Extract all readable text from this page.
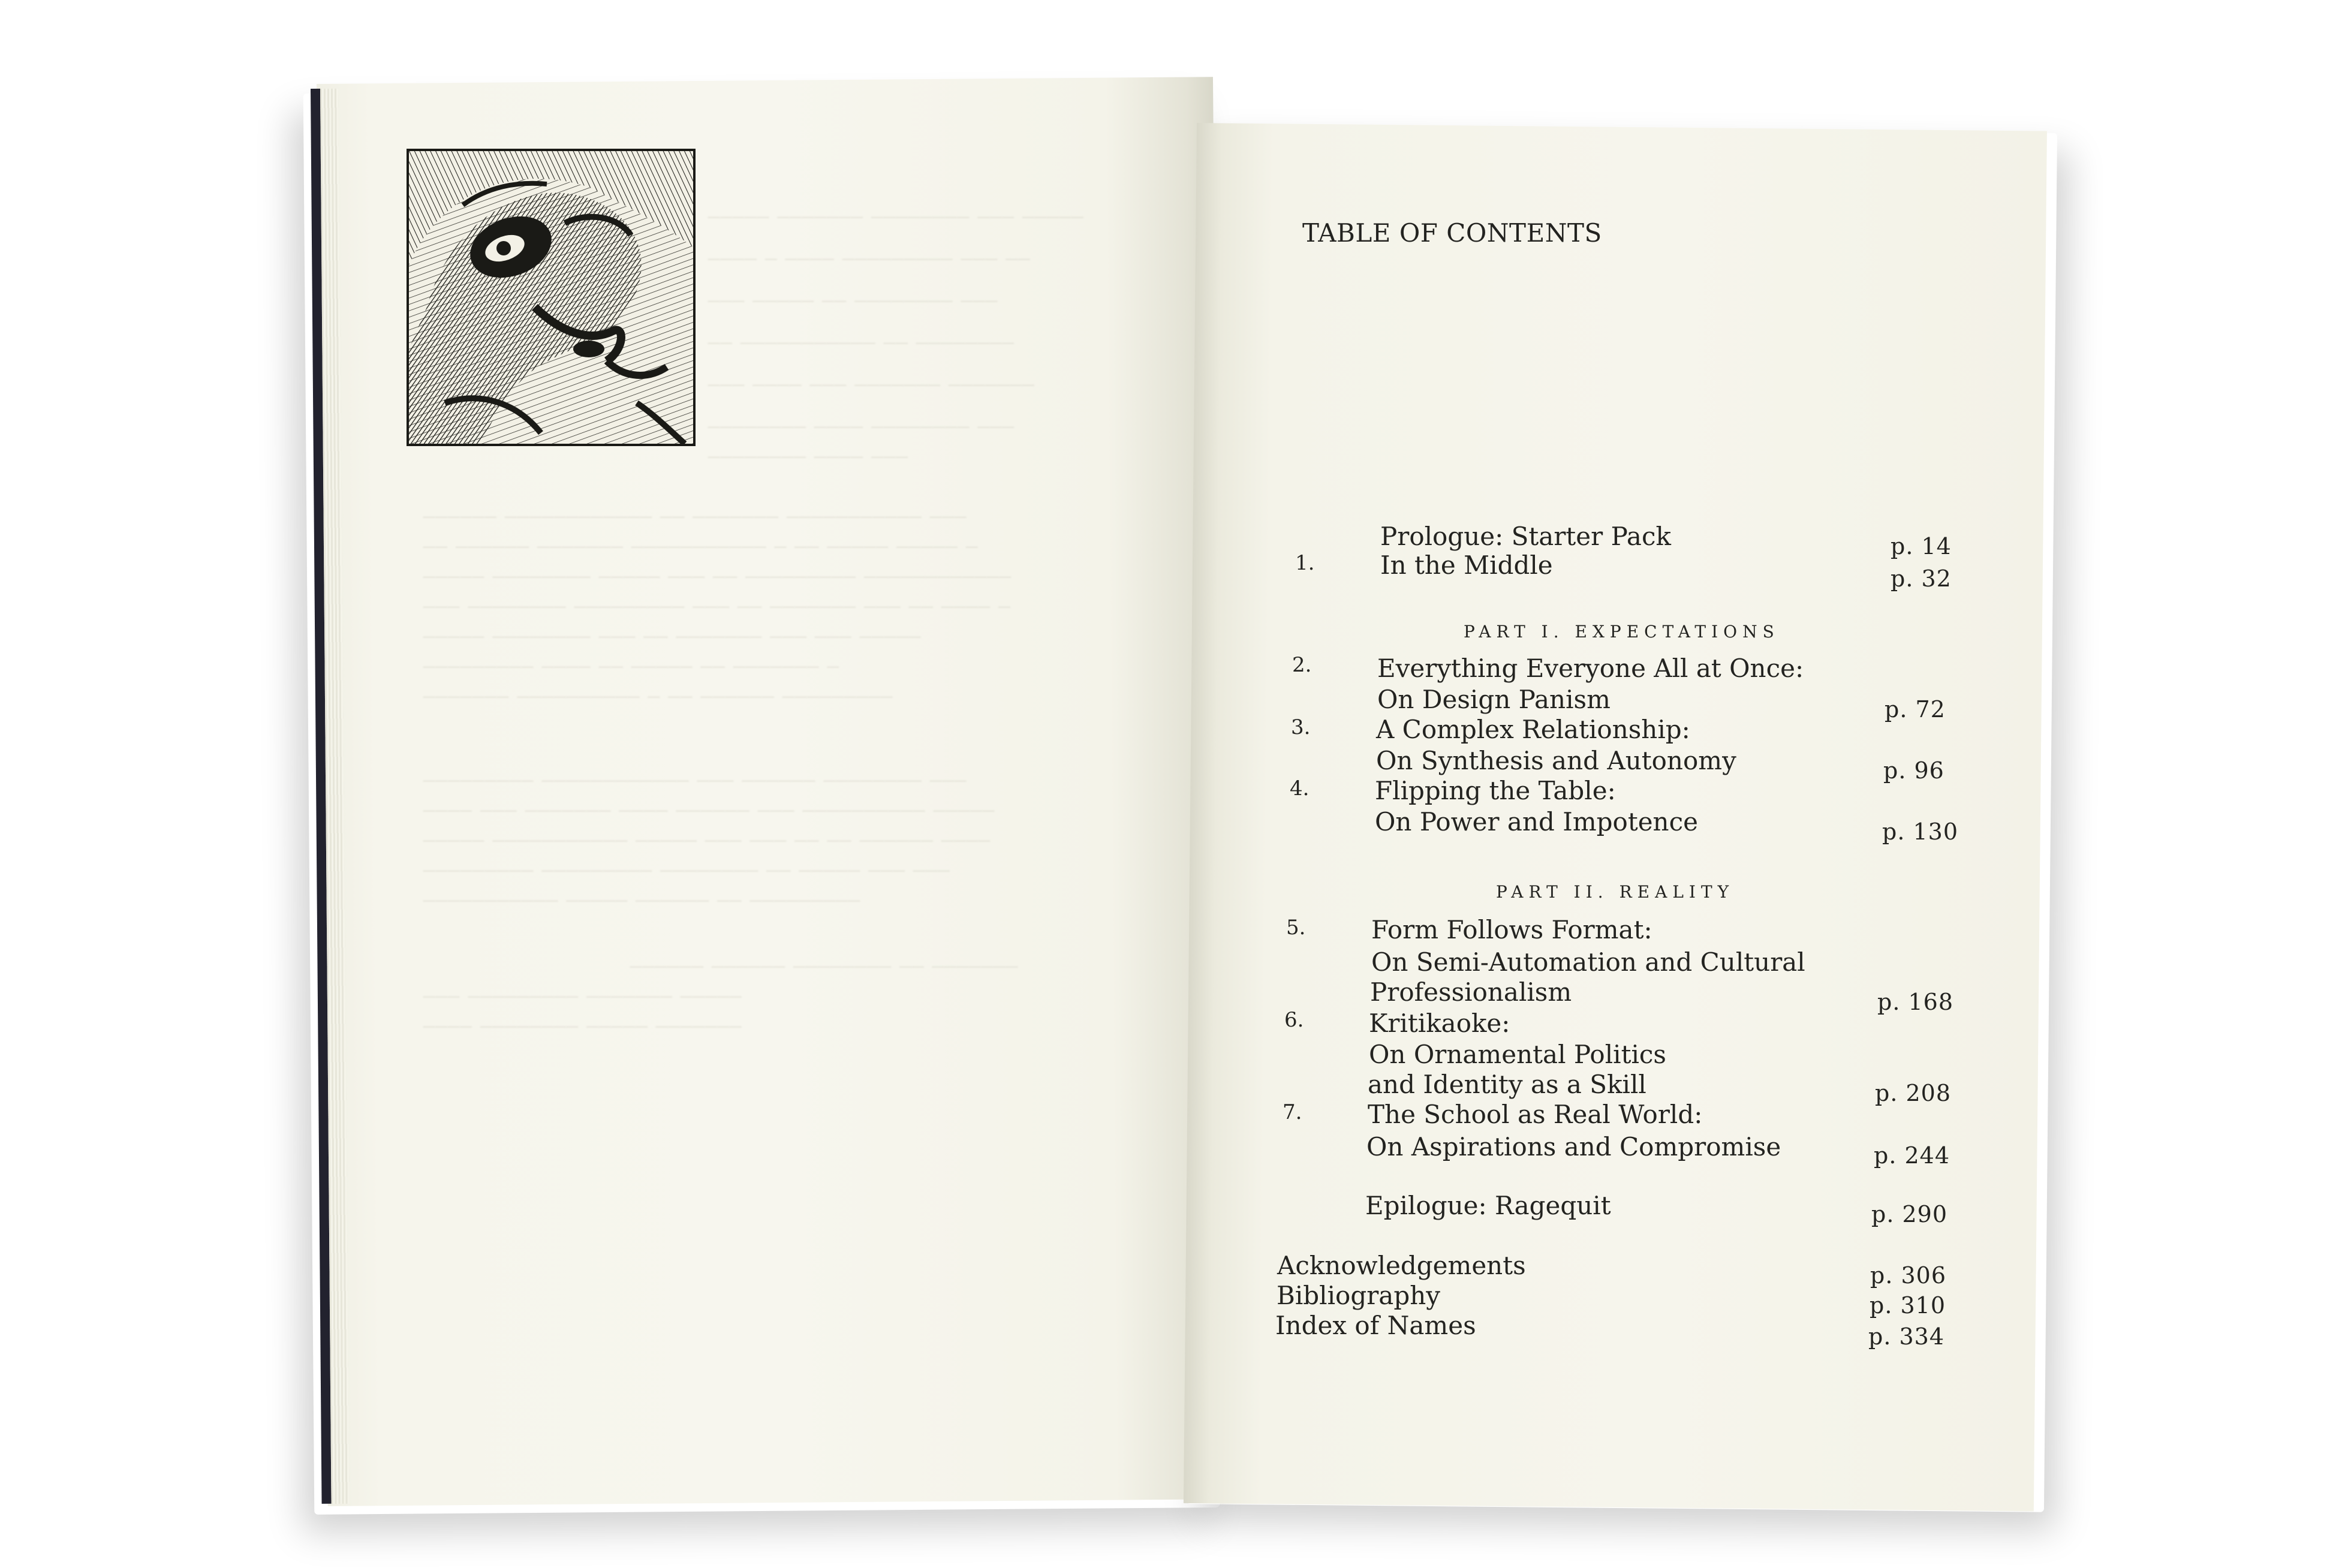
_____ ___ ________ _______ _____
__ ___ _________ ____ _ ____
___ ________ __ _____ ___
________ __ ___________ __
_______ _______ ___ ____ ___
___ ________ ____ ________
___ ____ ________
___ ___________ _______ __ ____________ ______
_ _____ _____ __ _ ___________ _______ ______ __
____________ _________ __ ___ _____ ________ _____
_ ____ __ ___ _______ __ ___ _________ ________ ___
_____ ___ ___ _______ __ ___ ________ _____
_ _______ __ _____ __ ____ _________
_________ ______ __ _ __________ _______
___ ________ ______ ___ ____________ _________
_____ __________ ___ ______ ____ _______ ___ ____
____ ______ __ __ ___ ___ _____ ___________ _____
___ ___ _____ __ ________ _________ _________
_________ __ ______ _____ ___________
_______ __ ________ ______ ______
_____ _______ _________ ___
_______ _____ ________ ____
TABLE OF CONTENTS
Prologue: Starter Pack	p. 14
1.	In the Middle	p. 32
PART I. EXPECTATIONS
2.	Everything Everyone All at Once:
On Design Panism	p. 72
3.	A Complex Relationship:
On Synthesis and Autonomy	p. 96
4.	Flipping the Table:
On Power and Impotence	p. 130
PART II. REALITY
5.	Form Follows Format:
On Semi-Automation and Cultural
Professionalism	p. 168
6.	Kritikaoke:
On Ornamental Politics
and Identity as a Skill	p. 208
7.	The School as Real World:
On Aspirations and Compromise	p. 244
Epilogue: Ragequit	p. 290
Acknowledgements	p. 306
Bibliography	p. 310
Index of Names	p. 334
